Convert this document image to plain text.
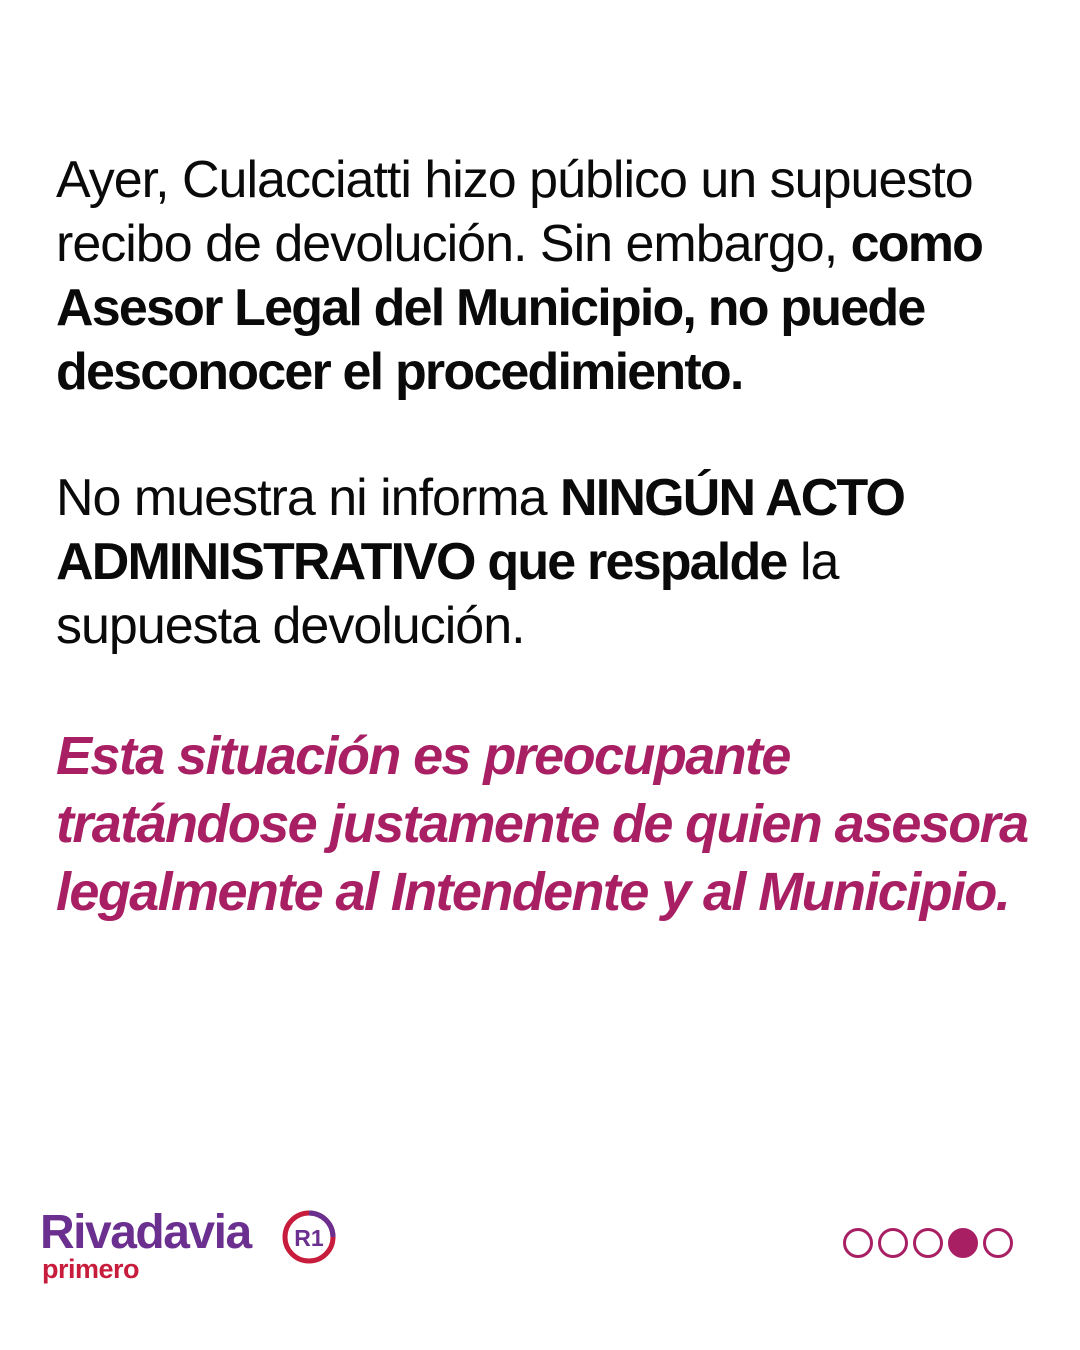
Ayer, Culacciatti hizo público un supuesto recibo de devolución. Sin embargo, como Asesor Legal del Municipio, no puede desconocer el procedimiento.

No muestra ni informa NINGÚN ACTO ADMINISTRATIVO que respalde la supuesta devolución.

Esta situación es preocupante tratándose justamente de quien asesora legalmente al Intendente y al Municipio.

Rivadavia
primero
R1
